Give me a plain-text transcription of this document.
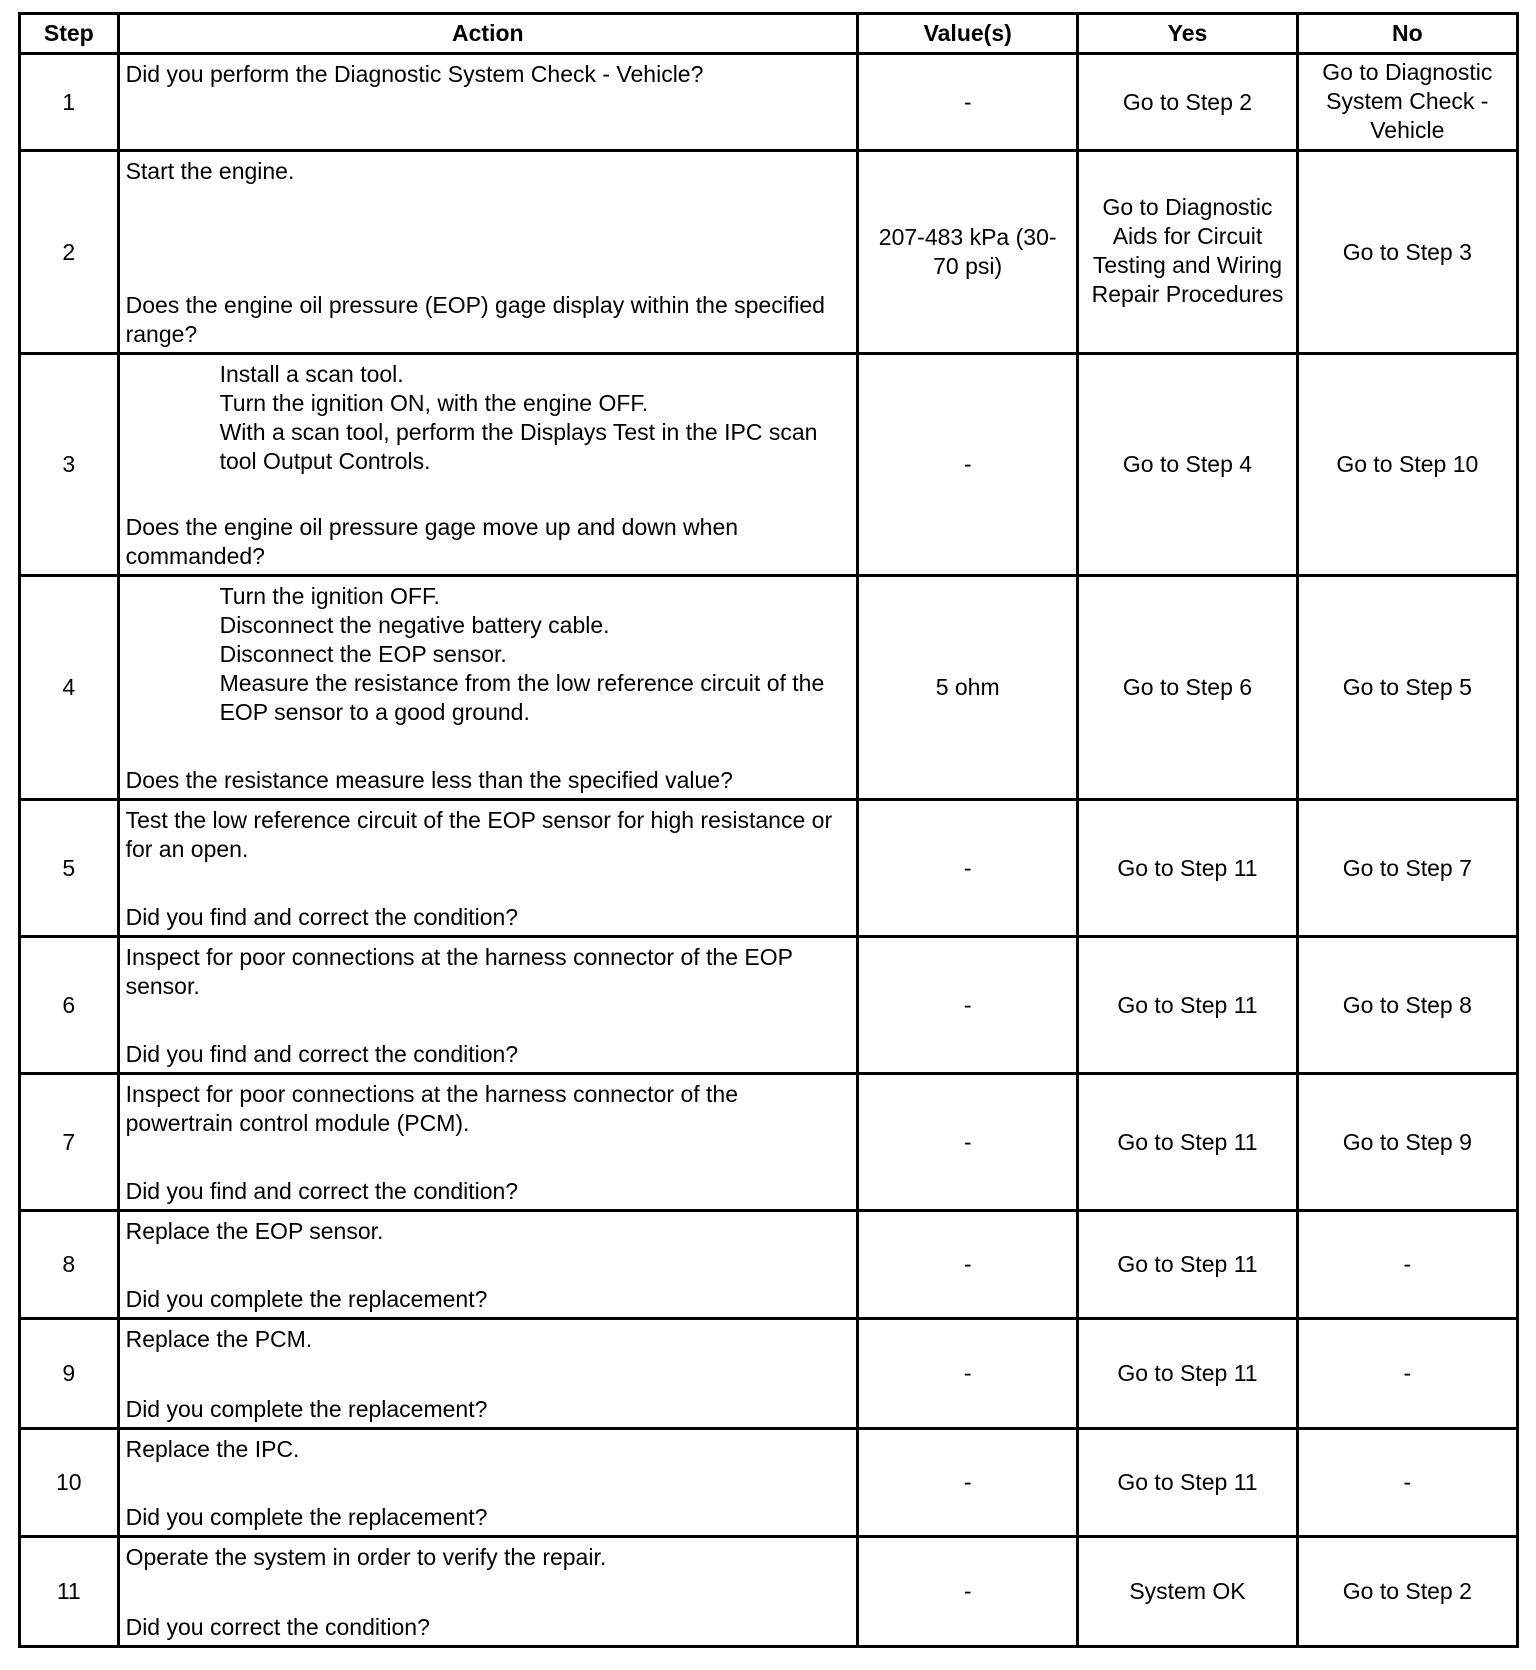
Step	Action	Value(s)	Yes	No
1	Did you perform the Diagnostic System Check - Vehicle?	-	Go to Step 2	Go to Diagnostic System Check - Vehicle
2	Start the engine.
Does the engine oil pressure (EOP) gage display within the specified range?	207-483 kPa (30-70 psi)	Go to Diagnostic Aids for Circuit Testing and Wiring Repair Procedures	Go to Step 3
3	Install a scan tool.
Turn the ignition ON, with the engine OFF.
With a scan tool, perform the Displays Test in the IPC scan tool Output Controls.
Does the engine oil pressure gage move up and down when commanded?	-	Go to Step 4	Go to Step 10
4	Turn the ignition OFF.
Disconnect the negative battery cable.
Disconnect the EOP sensor.
Measure the resistance from the low reference circuit of the EOP sensor to a good ground.
Does the resistance measure less than the specified value?	5 ohm	Go to Step 6	Go to Step 5
5	Test the low reference circuit of the EOP sensor for high resistance or for an open.
Did you find and correct the condition?	-	Go to Step 11	Go to Step 7
6	Inspect for poor connections at the harness connector of the EOP sensor.
Did you find and correct the condition?	-	Go to Step 11	Go to Step 8
7	Inspect for poor connections at the harness connector of the powertrain control module (PCM).
Did you find and correct the condition?	-	Go to Step 11	Go to Step 9
8	Replace the EOP sensor.
Did you complete the replacement?	-	Go to Step 11	-
9	Replace the PCM.
Did you complete the replacement?	-	Go to Step 11	-
10	Replace the IPC.
Did you complete the replacement?	-	Go to Step 11	-
11	Operate the system in order to verify the repair.
Did you correct the condition?	-	System OK	Go to Step 2
